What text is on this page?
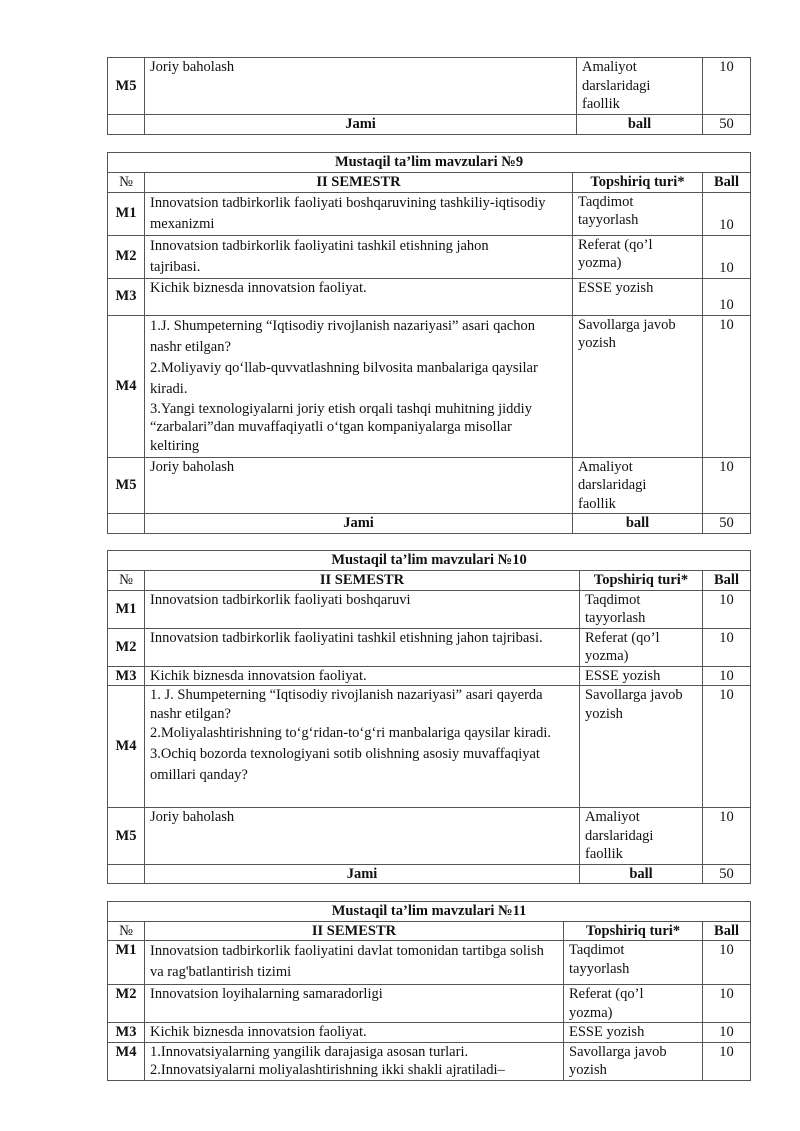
M5	Joriy baholash	Amaliyot darslaridagi faollik	10
	Jami	ball	50
Mustaqil ta’lim mavzulari №9			
№	II SEMESTR	Topshiriq turi*	Ball
M1	Innovatsion tadbirkorlik faoliyati boshqaruvining tashkiliy-iqtisodiy mexanizmi	Taqdimot tayyorlash	10
M2	Innovatsion tadbirkorlik faoliyatini tashkil etishning jahon tajribasi.	Referat (qo’l yozma)	10
M3	Kichik biznesda innovatsion faoliyat.	ESSE yozish	10
M4	1.J. Shumpeterning “Iqtisodiy rivojlanish nazariyasi” asari qachon nashr etilgan?

2.Moliyaviy qo‘llab-quvvatlashning bilvosita manbalariga qaysilar kiradi.

3.Yangi texnologiyalarni joriy etish orqali tashqi muhitning jiddiy “zarbalari”dan muvaffaqiyatli o‘tgan kompaniyalarga misollar keltiring	Savollarga javob yozish	10
M5	Joriy baholash	Amaliyot darslaridagi faollik	10
	Jami	ball	50
Mustaqil ta’lim mavzulari №10			
№	II SEMESTR	Topshiriq turi*	Ball
M1	Innovatsion tadbirkorlik faoliyati boshqaruvi	Taqdimot tayyorlash	10
M2	Innovatsion tadbirkorlik faoliyatini tashkil etishning jahon tajribasi.	Referat (qo’l yozma)	10
M3	Kichik biznesda innovatsion faoliyat.	ESSE yozish	10
M4	1. J. Shumpeterning “Iqtisodiy rivojlanish nazariyasi” asari qayerda nashr etilgan?

2.Moliyalashtirishning to‘g‘ridan-to‘g‘ri manbalariga qaysilar kiradi.

3.Ochiq bozorda texnologiyani sotib olishning asosiy muvaffaqiyat omillari qanday?	Savollarga javob yozish	10
M5	Joriy baholash	Amaliyot darslaridagi faollik	10
	Jami	ball	50
Mustaqil ta’lim mavzulari №11			
№	II SEMESTR	Topshiriq turi*	Ball
M1	Innovatsion tadbirkorlik faoliyatini davlat tomonidan tartibga solish va rag'batlantirish tizimi	Taqdimot tayyorlash	10
M2	Innovatsion loyihalarning samaradorligi	Referat (qo’l yozma)	10
M3	Kichik biznesda innovatsion faoliyat.	ESSE yozish	10
M4	1.Innovatsiyalarning yangilik darajasiga asosan turlari.

2.Innovatsiyalarni moliyalashtirishning ikki shakli ajratiladi–	Savollarga javob yozish	10
